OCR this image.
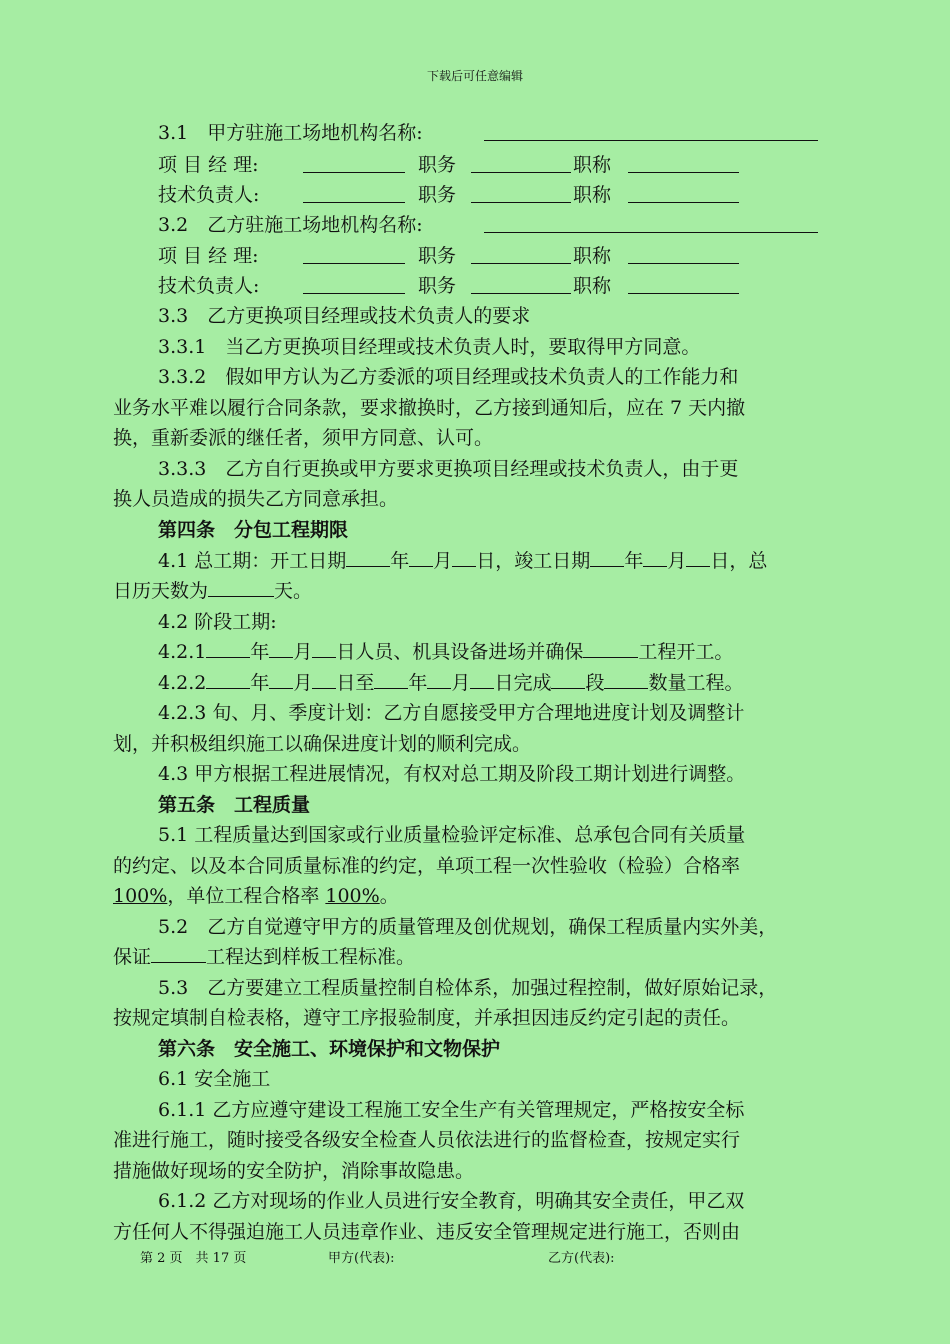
下载后可任意编辑
3.1　甲方驻施工场地机构名称:
项 目 经 理:	职务	职称
技术负责人:	职务	职称
3.2　乙方驻施工场地机构名称:
项 目 经 理:	职务	职称
技术负责人:	职务	职称
3.3　乙方更换项目经理或技术负责人的要求
3.3.1　当乙方更换项目经理或技术负责人时，要取得甲方同意。
3.3.2　假如甲方认为乙方委派的项目经理或技术负责人的工作能力和
业务水平难以履行合同条款，要求撤换时，乙方接到通知后，应在 7 天内撤
换，重新委派的继任者，须甲方同意、认可。
3.3.3　乙方自行更换或甲方要求更换项目经理或技术负责人，由于更
换人员造成的损失乙方同意承担。
第四条　分包工程期限
4.1 总工期：开工日期 年 月 日，竣工日期 年 月 日，总
日历天数为	天。
4.2 阶段工期:
4.2.1 年 月 日人员、机具设备进场并确保	工程开工。
4.2.2 年 月 日至 年 月 日完成 段 数量工程。
4.2.3 旬、月、季度计划：乙方自愿接受甲方合理地进度计划及调整计
划，并积极组织施工以确保进度计划的顺利完成。
4.3 甲方根据工程进展情况，有权对总工期及阶段工期计划进行调整。
第五条　工程质量
5.1 工程质量达到国家或行业质量检验评定标准、总承包合同有关质量
的约定、以及本合同质量标准的约定，单项工程一次性验收（检验）合格率
100%，单位工程合格率 100%。
5.2　乙方自觉遵守甲方的质量管理及创优规划，确保工程质量内实外美，
保证	工程达到样板工程标准。
5.3　乙方要建立工程质量控制自检体系，加强过程控制，做好原始记录，
按规定填制自检表格，遵守工序报验制度，并承担因违反约定引起的责任。
第六条　安全施工、环境保护和文物保护
6.1 安全施工
6.1.1 乙方应遵守建设工程施工安全生产有关管理规定，严格按安全标
准进行施工，随时接受各级安全检查人员依法进行的监督检查，按规定实行
措施做好现场的安全防护，消除事故隐患。
6.1.2 乙方对现场的作业人员进行安全教育，明确其安全责任，甲乙双
方任何人不得强迫施工人员违章作业、违反安全管理规定进行施工，否则由
第 2 页　共 17 页	甲方(代表):	乙方(代表):
